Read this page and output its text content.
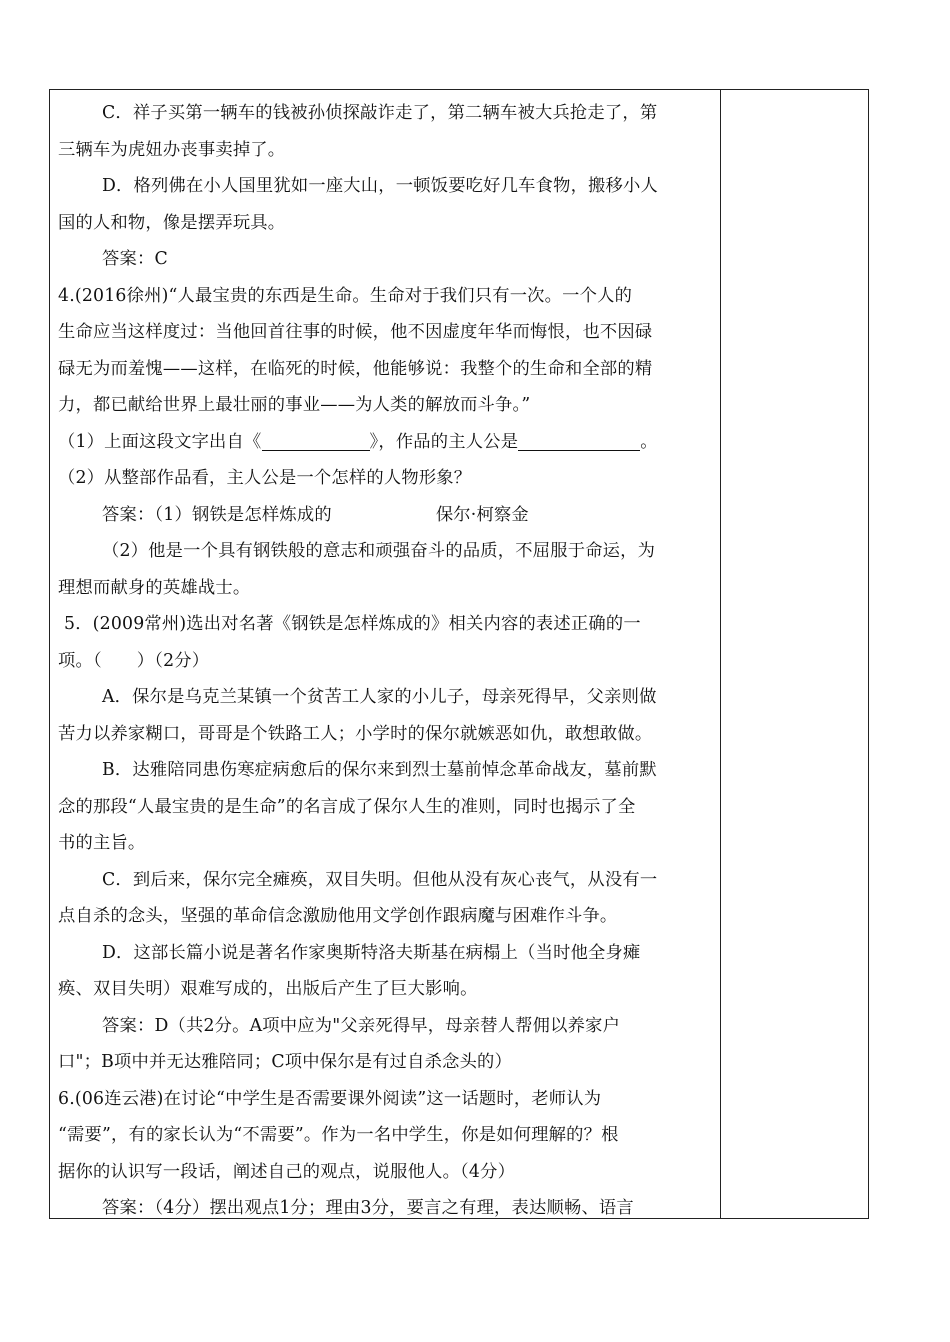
C．祥子买第一辆车的钱被孙侦探敲诈走了，第二辆车被大兵抢走了，第
三辆车为虎妞办丧事卖掉了。
D．格列佛在小人国里犹如一座大山，一顿饭要吃好几车食物，搬移小人
国的人和物，像是摆弄玩具。
答案：C
4.(2016徐州)“人最宝贵的东西是生命。生命对于我们只有一次。一个人的
生命应当这样度过：当他回首往事的时候，他不因虚度年华而悔恨，也不因碌
碌无为而羞愧——这样，在临死的时候，他能够说：我整个的生命和全部的精
力，都已献给世界上最壮丽的事业——为人类的解放而斗争。”
（1）上面这段文字出自《	》，作品的主人公是	。
（2）从整部作品看，主人公是一个怎样的人物形象？
答案：（1）钢铁是怎样炼成的	保尔·柯察金
（2）他是一个具有钢铁般的意志和顽强奋斗的品质，不屈服于命运，为
理想而献身的英雄战士。
5．(2009常州)选出对名著《钢铁是怎样炼成的》相关内容的表述正确的一
项。（　　）（2分）
A．保尔是乌克兰某镇一个贫苦工人家的小儿子，母亲死得早，父亲则做
苦力以养家糊口，哥哥是个铁路工人；小学时的保尔就嫉恶如仇，敢想敢做。
B．达雅陪同患伤寒症病愈后的保尔来到烈士墓前悼念革命战友，墓前默
念的那段“人最宝贵的是生命”的名言成了保尔人生的准则，同时也揭示了全
书的主旨。
C．到后来，保尔完全瘫痪，双目失明。但他从没有灰心丧气，从没有一
点自杀的念头，坚强的革命信念激励他用文学创作跟病魔与困难作斗争。
D．这部长篇小说是著名作家奥斯特洛夫斯基在病榻上（当时他全身瘫
痪、双目失明）艰难写成的，出版后产生了巨大影响。
答案：D（共2分。A项中应为"父亲死得早，母亲替人帮佣以养家户
口"；B项中并无达雅陪同；C项中保尔是有过自杀念头的）
6.(06连云港)在讨论“中学生是否需要课外阅读”这一话题时，老师认为
“需要”，有的家长认为“不需要”。作为一名中学生，你是如何理解的？根
据你的认识写一段话，阐述自己的观点，说服他人。（4分）
答案：（4分）摆出观点1分；理由3分，要言之有理，表达顺畅、语言
